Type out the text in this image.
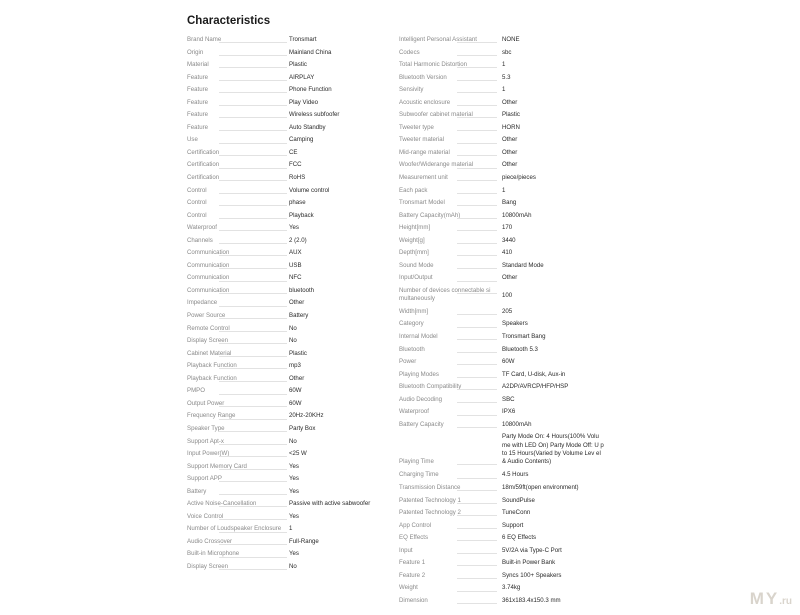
Characteristics
Brand Name	Tronsmart
Origin	Mainland China
Material	Plastic
Feature	AIRPLAY
Feature	Phone Function
Feature	Play Video
Feature	Wireless subfoofer
Feature	Auto Standby
Use	Camping
Certification	CE
Certification	FCC
Certification	RoHS
Control	Volume control
Control	phase
Control	Playback
Waterproof	Yes
Channels	2 (2.0)
Communication	AUX
Communication	USB
Communication	NFC
Communication	bluetooth
Impedance	Other
Power Source	Battery
Remote Control	No
Display Screen	No
Cabinet Material	Plastic
Playback Function	mp3
Playback Function	Other
PMPO	60W
Output Power	60W
Frequency Range	20Hz-20KHz
Speaker Type	Party Box
Support Apt-x	No
Input Power(W)	<25 W
Support Memory Card	Yes
Support APP	Yes
Battery	Yes
Active Noise-Cancellation	Passive with active sabwoofer
Voice Control	Yes
Number of Loudspeaker Enclosure 1
Audio Crossover	Full-Range
Built-in Microphone	Yes
Display Screen	No
Intelligent Personal Assistant	NONE
Codecs	sbc
Total Harmonic Distortion	1
Bluetooth Version	5.3
Sensivity	1
Acoustic enclosure	Other
Subwoofer cabinet material	Plastic
Tweeter type	HORN
Tweeter material	Other
Mid-range material	Other
Woofer/Widerange material	Other
Measurement unit	piece/pieces
Each pack	1
Tronsmart Model	Bang
Battery Capacity(mAh)	10800mAh
Height[mm]	170
Weight[g]	3440
Depth[mm]	410
Sound Mode	Standard Mode
Input/Output	Other
Number of devices connectable si multaneously	100
Width[mm]	205
Category	Speakers
Internal Model	Tronsmart Bang
Bluetooth	Bluetooth 5.3
Power	60W
Playing Modes	TF Card, U-disk, Aux-in
Bluetooth Compatibility	A2DP/AVRCP/HFP/HSP
Audio Decoding	SBC
Waterproof	IPX6
Battery Capacity	10800mAh
Playing Time
Party Mode On: 4 Hours(100% Volu me with LED On) Party Mode Off: U p to 15 Hours(Varied by Volume Lev el & Audio Contents)
Charging Time	4.5 Hours
Transmission Distance	18m/59ft(open environment)
Patented Technology 1	SoundPulse
Patented Technology 2	TuneConn
App Control	Support
EQ Effects	6 EQ Effects
Input	5V/2A via Type-C Port
Feature 1	Built-in Power Bank
Feature 2	Syncs 100+ Speakers
Weight	3.74kg
Dimension	361x183.4x150.3 mm	MY.ru
